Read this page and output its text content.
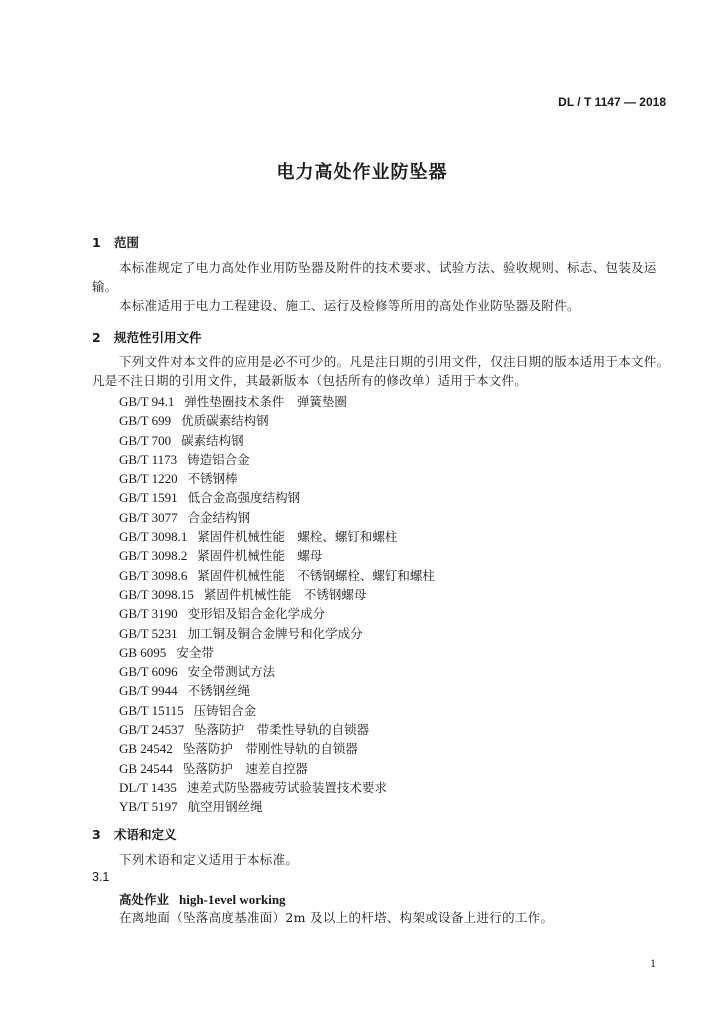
DL / T 1147 — 2018
电力高处作业防坠器
1 范围
本标准规定了电力高处作业用防坠器及附件的技术要求、试验方法、验收规则、标志、包装及运输。
本标准适用于电力工程建设、施工、运行及检修等所用的高处作业防坠器及附件。
2 规范性引用文件
下列文件对本文件的应用是必不可少的。凡是注日期的引用文件，仅注日期的版本适用于本文件。凡是不注日期的引用文件，其最新版本（包括所有的修改单）适用于本文件。
GB/T 94.1 弹性垫圈技术条件　弹簧垫圈
GB/T 699 优质碳素结构钢
GB/T 700 碳素结构钢
GB/T 1173 铸造铝合金
GB/T 1220 不锈钢棒
GB/T 1591 低合金高强度结构钢
GB/T 3077 合金结构钢
GB/T 3098.1 紧固件机械性能　螺栓、螺钉和螺柱
GB/T 3098.2 紧固件机械性能　螺母
GB/T 3098.6 紧固件机械性能　不锈钢螺栓、螺钉和螺柱
GB/T 3098.15 紧固件机械性能　不锈钢螺母
GB/T 3190 变形铝及铝合金化学成分
GB/T 5231 加工铜及铜合金牌号和化学成分
GB 6095 安全带
GB/T 6096 安全带测试方法
GB/T 9944 不锈钢丝绳
GB/T 15115 压铸铝合金
GB/T 24537 坠落防护　带柔性导轨的自锁器
GB 24542 坠落防护　带刚性导轨的自锁器
GB 24544 坠落防护　速差自控器
DL/T 1435 速差式防坠器疲劳试验装置技术要求
YB/T 5197 航空用钢丝绳
3 术语和定义
下列术语和定义适用于本标准。
3.1
高处作业 high-1evel working
在离地面（坠落高度基准面）2m 及以上的杆塔、构架或设备上进行的工作。
1
